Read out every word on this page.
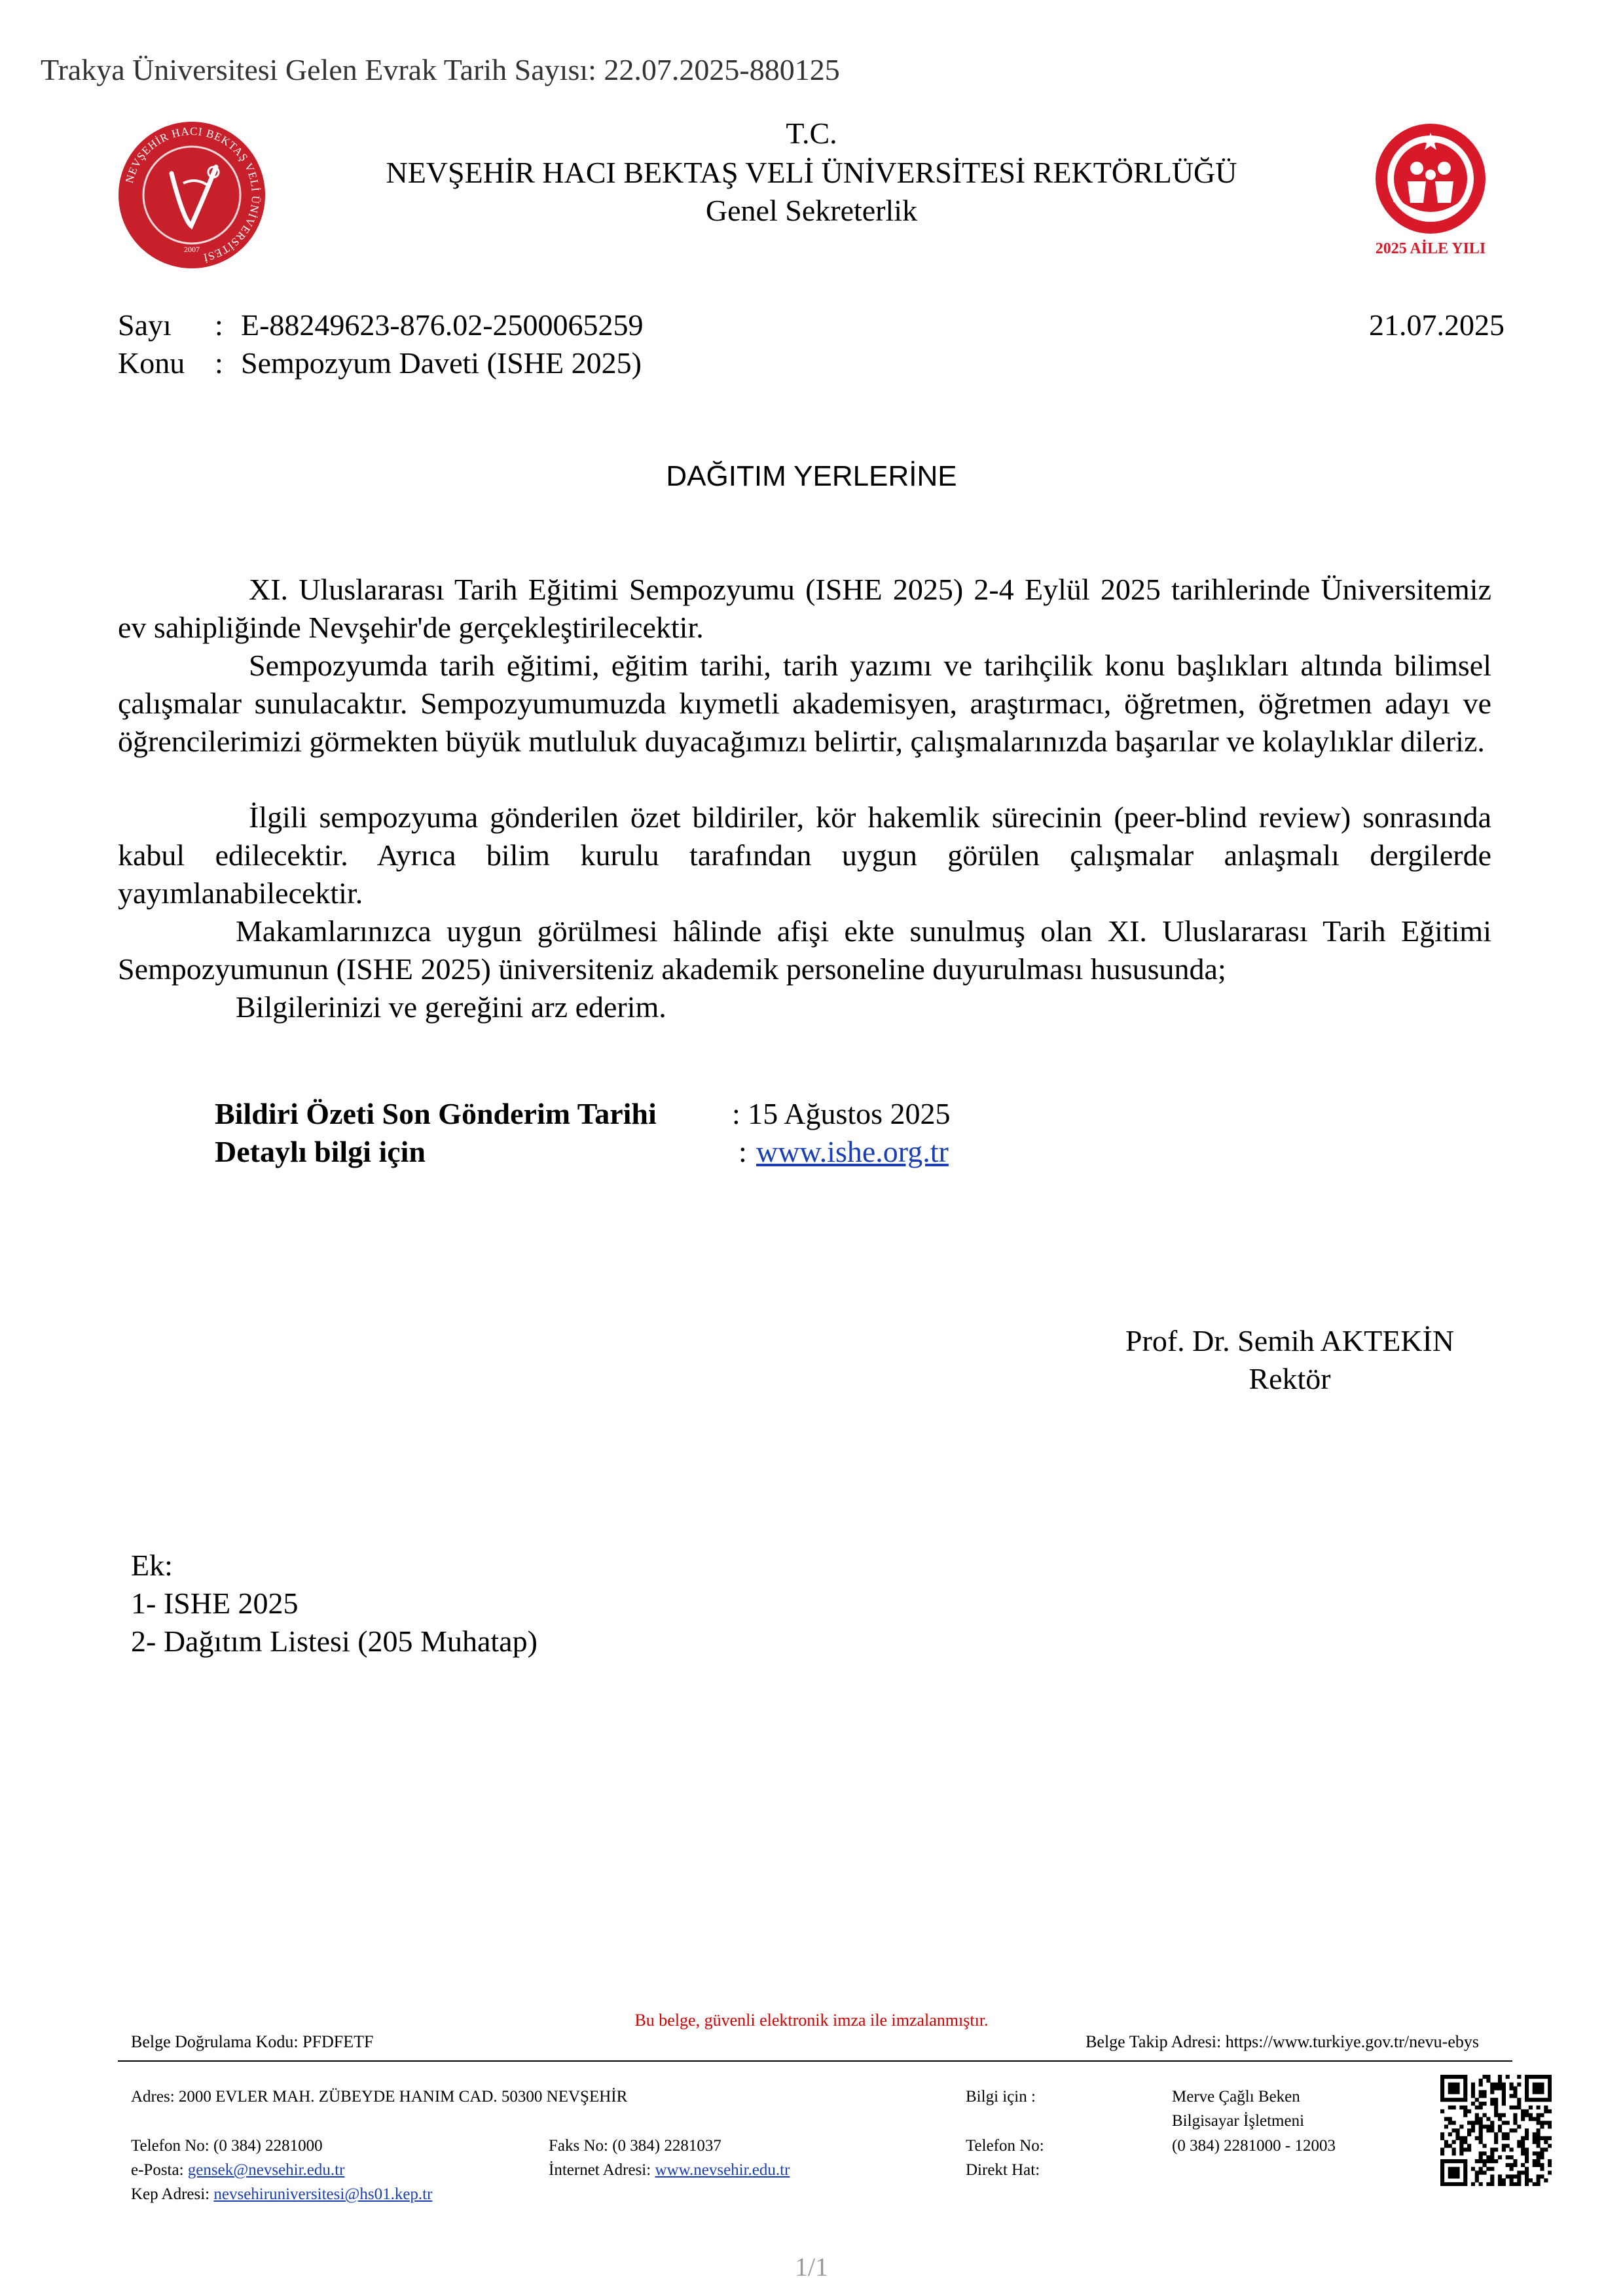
Trakya Üniversitesi Gelen Evrak Tarih Sayısı: 22.07.2025-880125
NEVŞEHİR HACI BEKTAŞ VELİ ÜNİVERSİTESİ
2007
T.C.
NEVŞEHİR HACI BEKTAŞ VELİ ÜNİVERSİTESİ REKTÖRLÜĞÜ
Genel Sekreterlik
2025 AİLE YILI
Sayı : E-88249623-876.02-2500065259	21.07.2025
Konu : Sempozyum Daveti (ISHE 2025)
DAĞITIM YERLERİNE
XI. Uluslararası Tarih Eğitimi Sempozyumu (ISHE 2025) 2-4 Eylül 2025 tarihlerinde Üniversitemiz ev sahipliğinde Nevşehir'de gerçekleştirilecektir.
Sempozyumda tarih eğitimi, eğitim tarihi, tarih yazımı ve tarihçilik konu başlıkları altında bilimsel çalışmalar sunulacaktır. Sempozyumumuzda kıymetli akademisyen, araştırmacı, öğretmen, öğretmen adayı ve öğrencilerimizi görmekten büyük mutluluk duyacağımızı belirtir, çalışmalarınızda başarılar ve kolaylıklar dileriz.
İlgili sempozyuma gönderilen özet bildiriler, kör hakemlik sürecinin (peer-blind review) sonrasında kabul edilecektir. Ayrıca bilim kurulu tarafından uygun görülen çalışmalar anlaşmalı dergilerde yayımlanabilecektir.
Makamlarınızca uygun görülmesi hâlinde afişi ekte sunulmuş olan XI. Uluslararası Tarih Eğitimi Sempozyumunun (ISHE 2025) üniversiteniz akademik personeline duyurulması hususunda;
Bilgilerinizi ve gereğini arz ederim.
Bildiri Özeti Son Gönderim Tarihi	: 15 Ağustos 2025
Detaylı bilgi için	: www.ishe.org.tr
Prof. Dr. Semih AKTEKİN
Rektör
Ek:
1- ISHE 2025
2- Dağıtım Listesi (205 Muhatap)
Bu belge, güvenli elektronik imza ile imzalanmıştır.
Belge Doğrulama Kodu: PFDFETF	Belge Takip Adresi: https://www.turkiye.gov.tr/nevu-ebys
Adres: 2000 EVLER MAH. ZÜBEYDE HANIM CAD. 50300 NEVŞEHİR	Bilgi için :	Merve Çağlı Beken
Bilgisayar İşletmeni
Telefon No: (0 384) 2281000	Faks No: (0 384) 2281037	Telefon No:	(0 384) 2281000 - 12003
e-Posta: gensek@nevsehir.edu.tr	İnternet Adresi: www.nevsehir.edu.tr	Direkt Hat:
Kep Adresi: nevsehiruniversitesi@hs01.kep.tr
1/1
